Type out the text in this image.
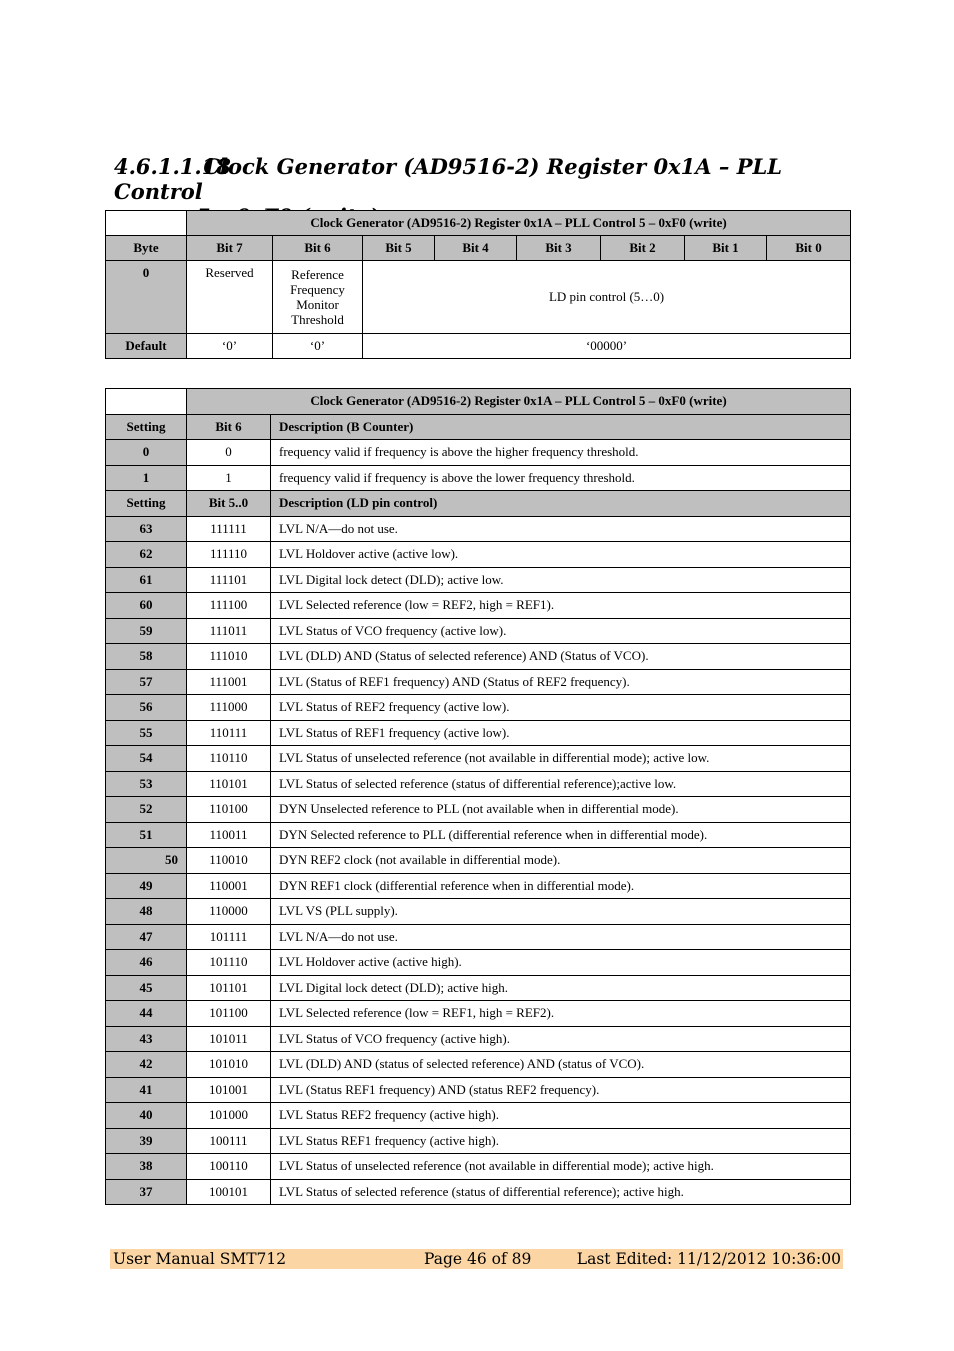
4.6.1.1.18 Clock Generator (AD9516-2) Register 0x1A – PLL Control
	Clock Generator (AD9516-2) Register 0x1A – PLL Control 5 – 0xF0 (write)							
Byte	Bit 7	Bit 6	Bit 5	Bit 4	Bit 3	Bit 2	Bit 1	Bit 0
0	Reserved	Reference Frequency Monitor Threshold	LD pin control (5…0)					
Default	‘0’	‘0’	‘00000’					
	Clock Generator (AD9516-2) Register 0x1A – PLL Control 5 – 0xF0 (write)	
Setting	Bit 6	Description (B Counter)
0	0	frequency valid if frequency is above the higher frequency threshold.
1	1	frequency valid if frequency is above the lower frequency threshold.
Setting	Bit 5..0	Description (LD pin control)
63	111111	LVL N/A—do not use.
62	111110	LVL Holdover active (active low).
61	111101	LVL Digital lock detect (DLD); active low.
60	111100	LVL Selected reference (low = REF2, high = REF1).
59	111011	LVL Status of VCO frequency (active low).
58	111010	LVL (DLD) AND (Status of selected reference) AND (Status of VCO).
57	111001	LVL (Status of REF1 frequency) AND (Status of REF2 frequency).
56	111000	LVL Status of REF2 frequency (active low).
55	110111	LVL Status of REF1 frequency (active low).
54	110110	LVL Status of unselected reference (not available in differential mode); active low.
53	110101	LVL Status of selected reference (status of differential reference);active low.
52	110100	DYN Unselected reference to PLL (not available when in differential mode).
51	110011	DYN Selected reference to PLL (differential reference when in differential mode).
50	110010	DYN REF2 clock (not available in differential mode).
49	110001	DYN REF1 clock (differential reference when in differential mode).
48	110000	LVL VS (PLL supply).
47	101111	LVL N/A—do not use.
46	101110	LVL Holdover active (active high).
45	101101	LVL Digital lock detect (DLD); active high.
44	101100	LVL Selected reference (low = REF1, high = REF2).
43	101011	LVL Status of VCO frequency (active high).
42	101010	LVL (DLD) AND (status of selected reference) AND (status of VCO).
41	101001	LVL (Status REF1 frequency) AND (status REF2 frequency).
40	101000	LVL Status REF2 frequency (active high).
39	100111	LVL Status REF1 frequency (active high).
38	100110	LVL Status of unselected reference (not available in differential mode); active high.
37	100101	LVL Status of selected reference (status of differential reference); active high.
User Manual SMT712	Page 46 of 89	Last Edited: 11/12/2012 10:36:00
